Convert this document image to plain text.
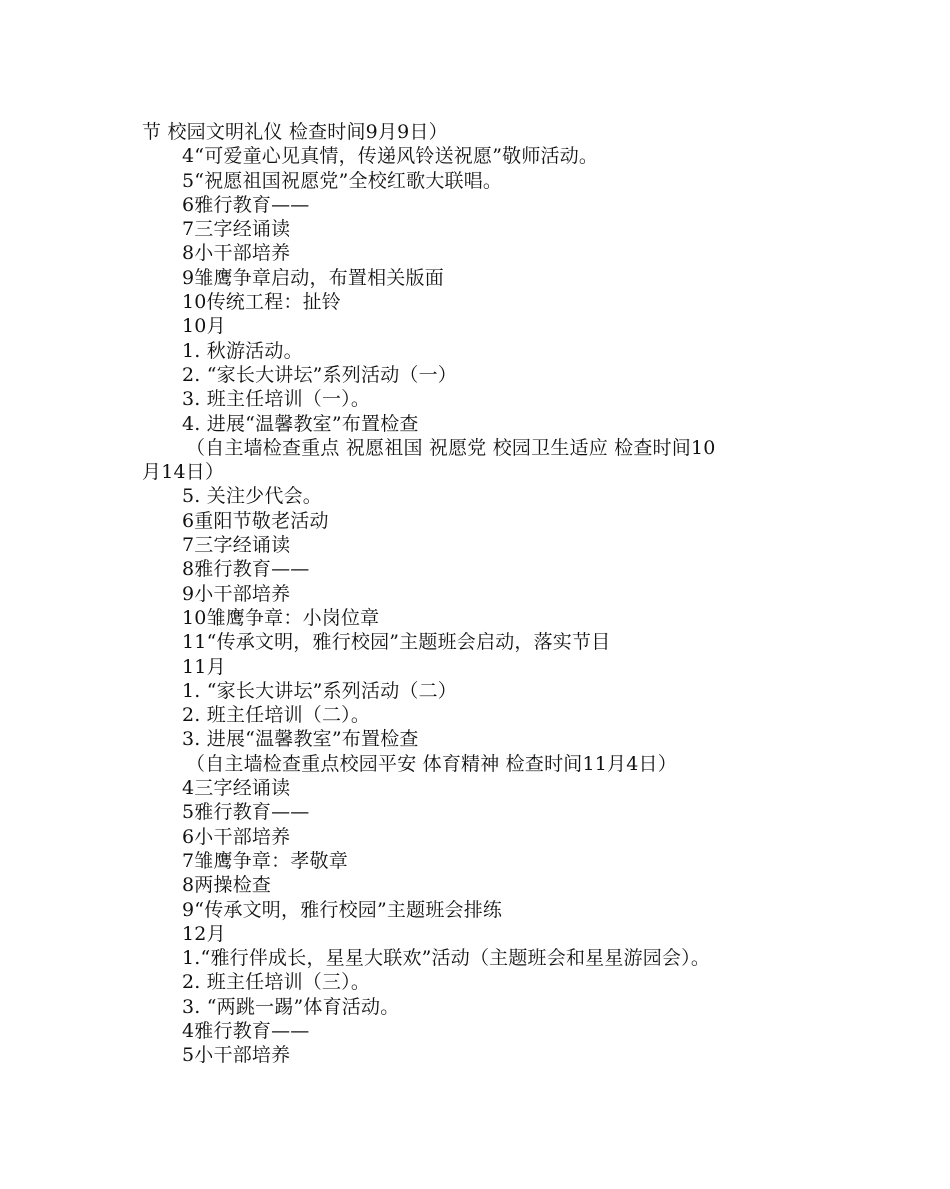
节 校园文明礼仪 检查时间9月9日）
4“可爱童心见真情，传递风铃送祝愿”敬师活动。
5“祝愿祖国祝愿党”全校红歌大联唱。
6雅行教育——
7三字经诵读
8小干部培养
9雏鹰争章启动，布置相关版面
10传统工程：扯铃
10月
1. 秋游活动。
2. “家长大讲坛”系列活动（一）
3. 班主任培训（一）。
4. 进展“温馨教室”布置检查
（自主墙检查重点 祝愿祖国 祝愿党 校园卫生适应 检查时间10
月14日）
5. 关注少代会。
6重阳节敬老活动
7三字经诵读
8雅行教育——
9小干部培养
10雏鹰争章：小岗位章
11“传承文明，雅行校园”主题班会启动，落实节目
11月
1. “家长大讲坛”系列活动（二）
2. 班主任培训（二）。
3. 进展“温馨教室”布置检查
（自主墙检查重点校园平安 体育精神 检查时间11月4日）
4三字经诵读
5雅行教育——
6小干部培养
7雏鹰争章：孝敬章
8两操检查
9“传承文明，雅行校园”主题班会排练
12月
1.“雅行伴成长，星星大联欢”活动（主题班会和星星游园会）。
2. 班主任培训（三）。
3. “两跳一踢”体育活动。
4雅行教育——
5小干部培养
